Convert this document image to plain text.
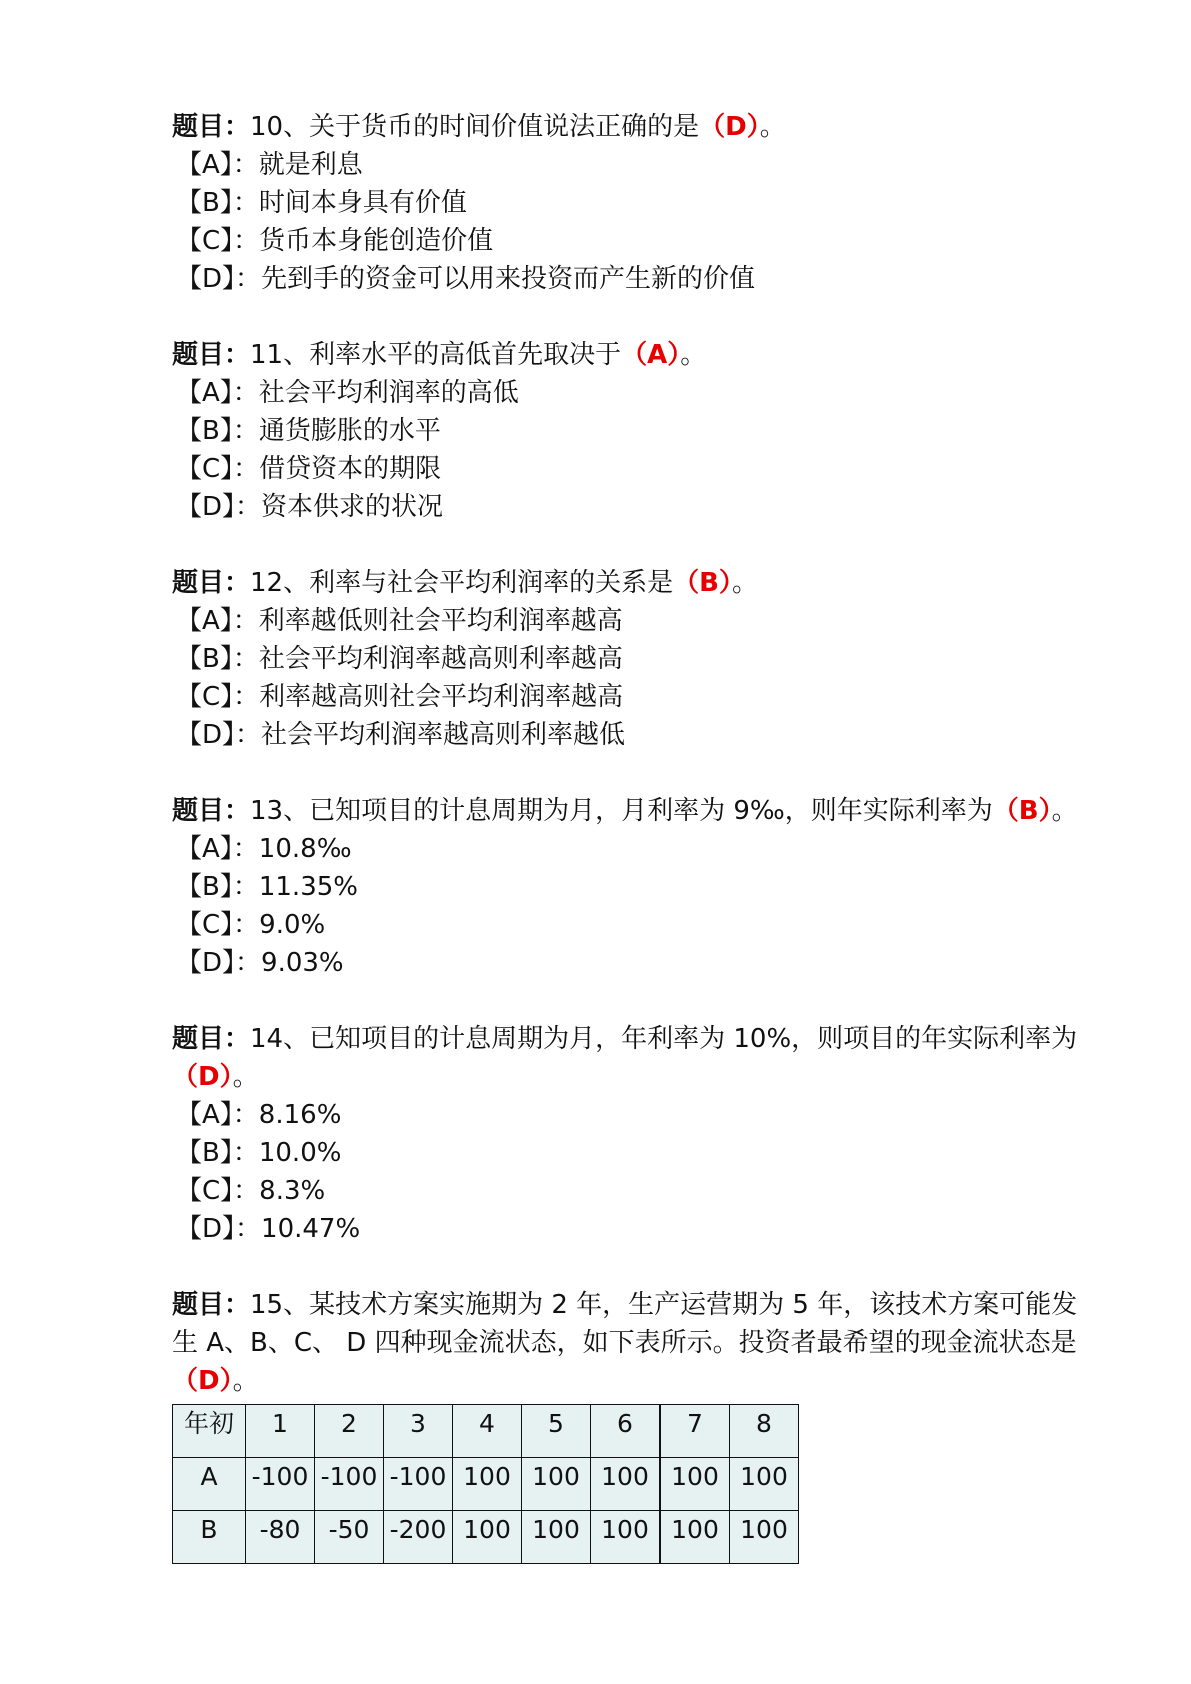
题目：10、关于货币的时间价值说法正确的是（D）。
【A】：就是利息
【B】：时间本身具有价值
【C】：货币本身能创造价值
【D】：先到手的资金可以用来投资而产生新的价值
题目：11、利率水平的高低首先取决于（A）。
【A】：社会平均利润率的高低
【B】：通货膨胀的水平
【C】：借贷资本的期限
【D】：资本供求的状况
题目：12、利率与社会平均利润率的关系是（B）。
【A】：利率越低则社会平均利润率越高
【B】：社会平均利润率越高则利率越高
【C】：利率越高则社会平均利润率越高
【D】：社会平均利润率越高则利率越低
题目：13、已知项目的计息周期为月，月利率为 9‰，则年实际利率为（B）。
【A】：10.8‰
【B】：11.35%
【C】：9.0%
【D】：9.03%
题目：14、已知项目的计息周期为月，年利率为 10%，则项目的年实际利率为（D）。
【A】：8.16%
【B】：10.0%
【C】：8.3%
【D】：10.47%
题目：15、某技术方案实施期为 2 年，生产运营期为 5 年，该技术方案可能发生 A、B、C、 D 四种现金流状态，如下表所示。投资者最希望的现金流状态是（D）。
年初	1	2	3	4	5	6	7	8
A	-100	-100	-100	100	100	100	100	100
B	-80	-50	-200	100	100	100	100	100
